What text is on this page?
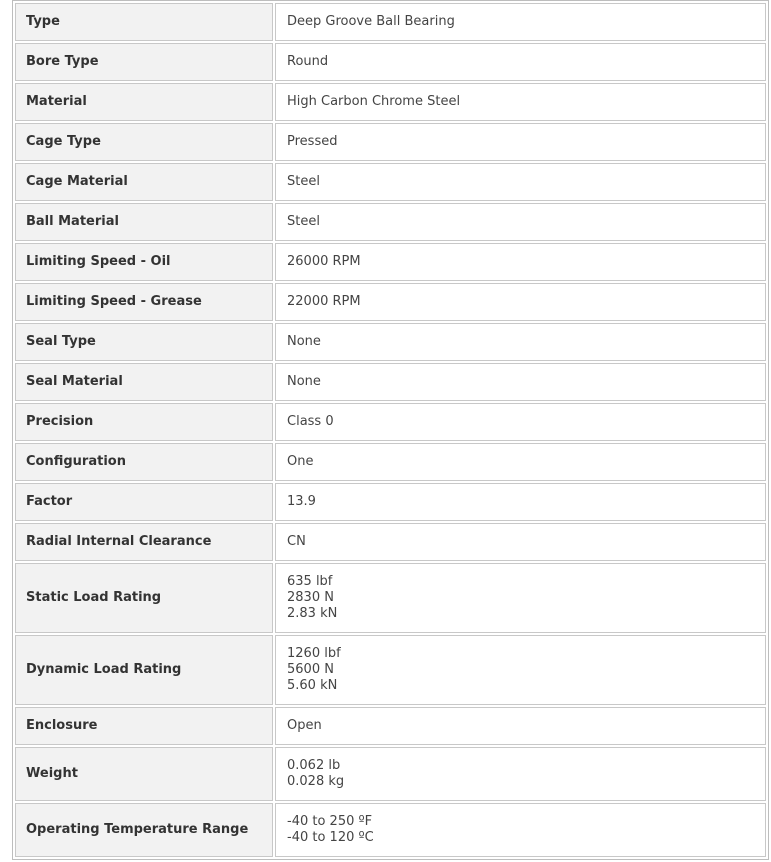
Type	Deep Groove Ball Bearing
Bore Type	Round
Material	High Carbon Chrome Steel
Cage Type	Pressed
Cage Material	Steel
Ball Material	Steel
Limiting Speed - Oil	26000 RPM
Limiting Speed - Grease	22000 RPM
Seal Type	None
Seal Material	None
Precision	Class 0
Configuration	One
Factor	13.9
Radial Internal Clearance	CN
Static Load Rating	635 lbf
2830 N
2.83 kN

Dynamic Load Rating	1260 lbf
5600 N
5.60 kN

Enclosure	Open
Weight	0.062 lb
0.028 kg

Operating Temperature Range	-40 to 250 ºF
-40 to 120 ºC
